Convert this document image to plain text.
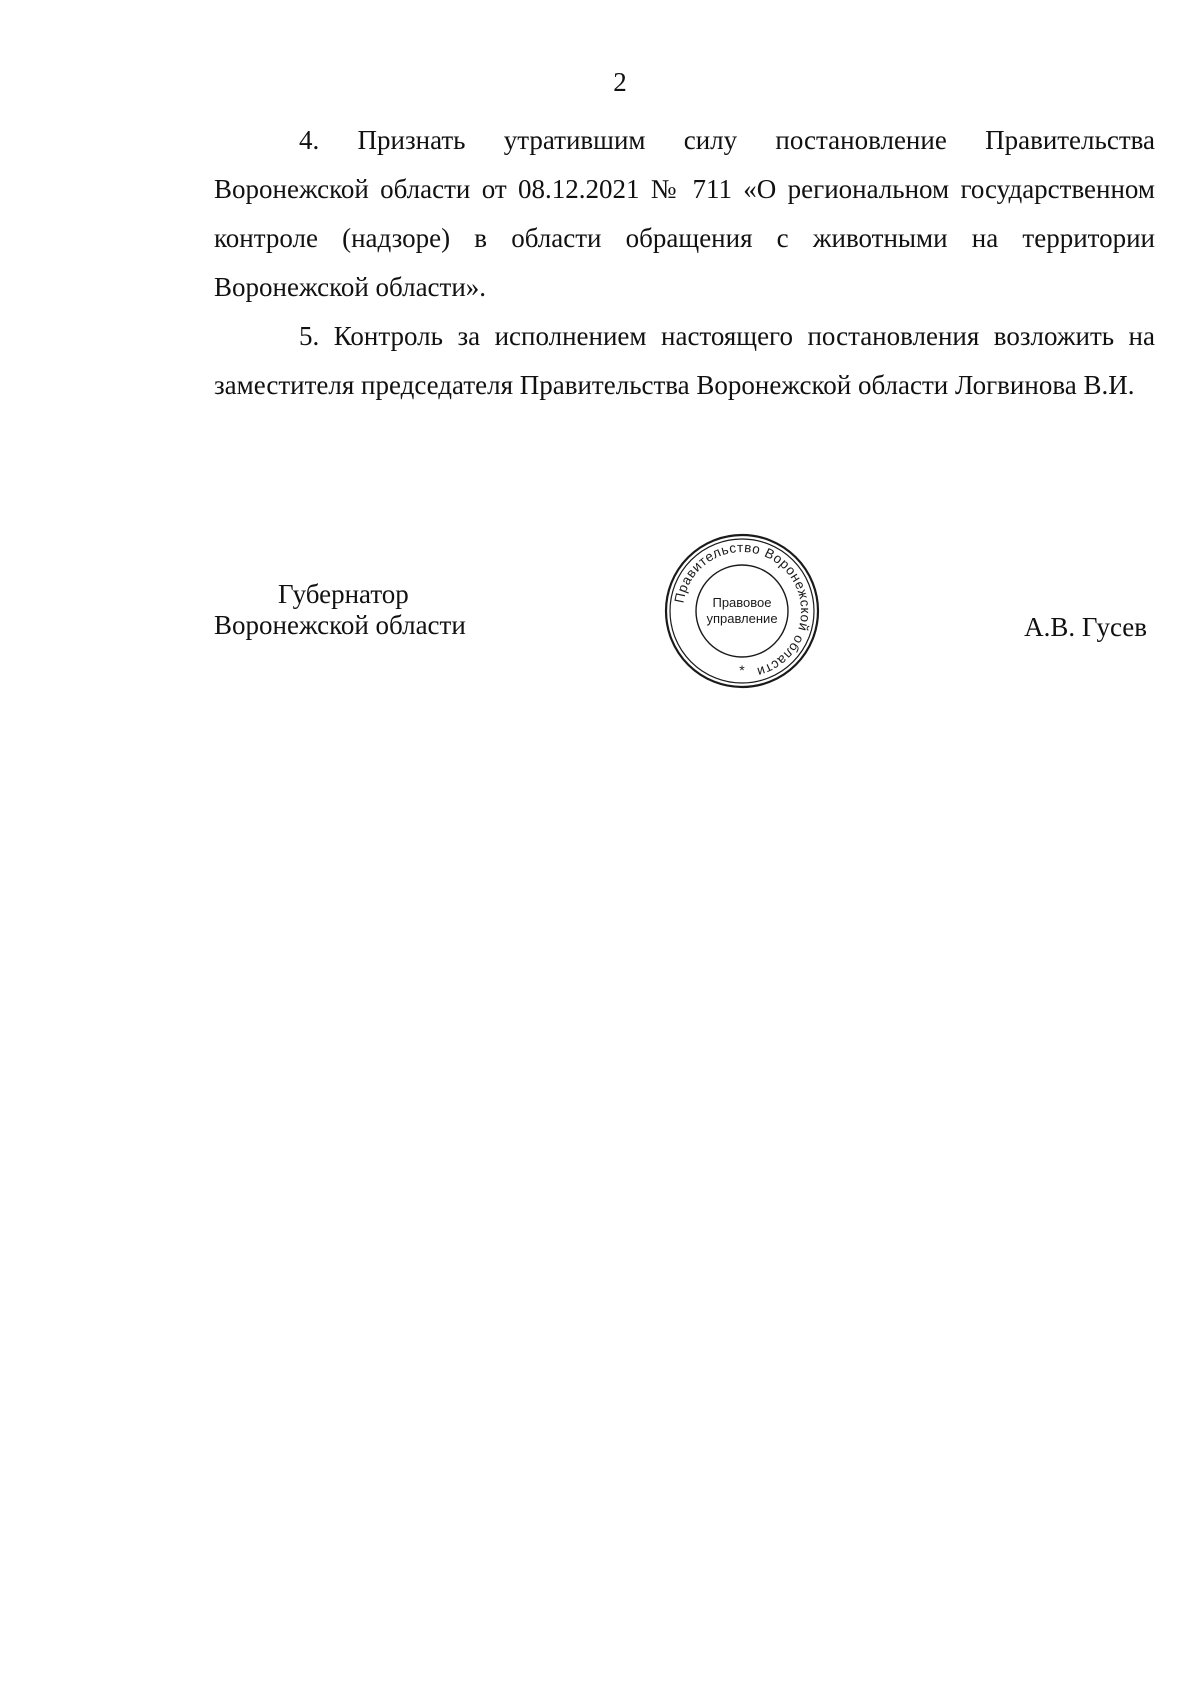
2

4. Признать утратившим силу постановление Правительства Воронежской области от 08.12.2021 № 711 «О региональном государственном контроле (надзоре) в области обращения с животными на территории Воронежской области».

5. Контроль за исполнением настоящего постановления возложить на заместителя председателя Правительства Воронежской области Логвинова В.И.

Губернатор
Воронежской области
Правительство Воронежской области
Правовое
управление
*
А.В. Гусев
